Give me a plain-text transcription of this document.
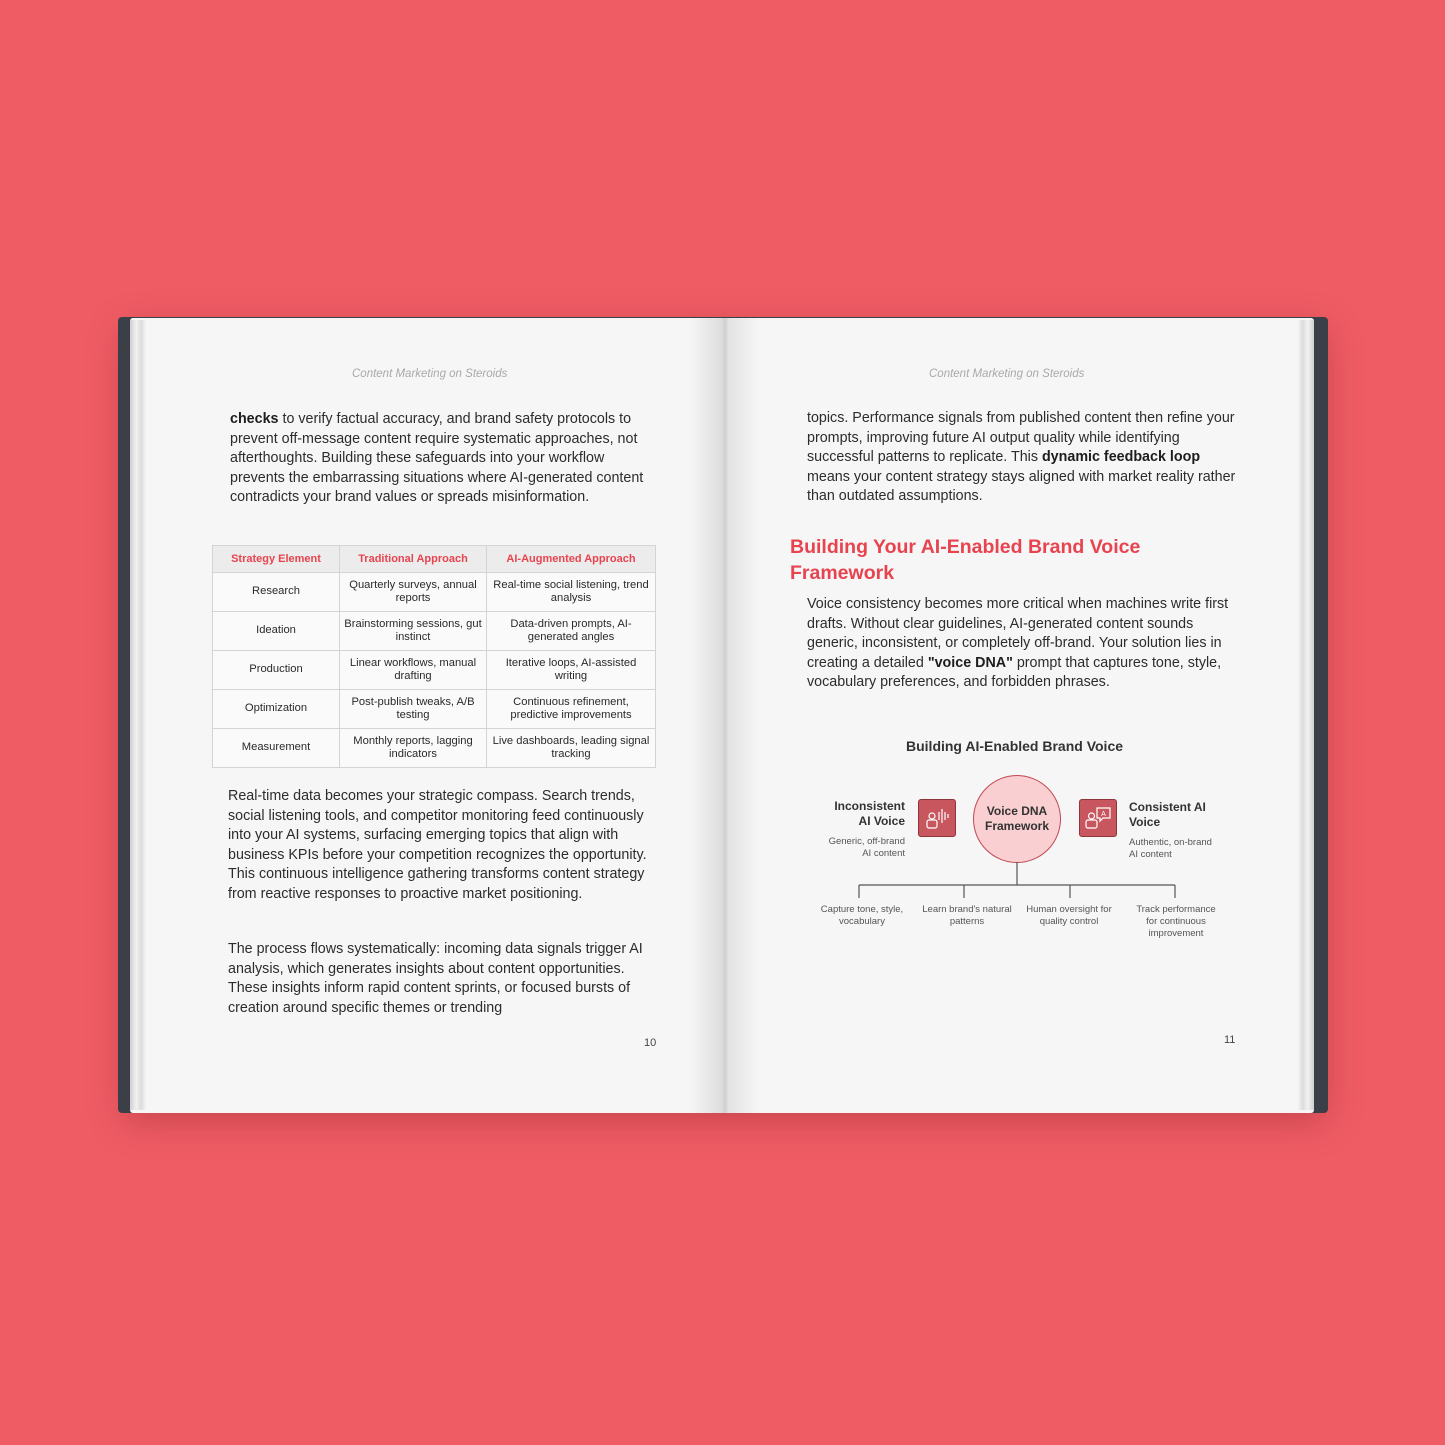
Content Marketing on Steroids

checks to verify factual accuracy, and brand safety protocols to prevent off-message content require systematic approaches, not afterthoughts. Building these safeguards into your workflow prevents the embarrassing situations where AI-generated content contradicts your brand values or spreads misinformation.

Strategy Element	Traditional Approach	AI-Augmented Approach
Research	Quarterly surveys, annual reports	Real-time social listening, trend analysis
Ideation	Brainstorming sessions, gut instinct	Data-driven prompts, AI-generated angles
Production	Linear workflows, manual drafting	Iterative loops, AI-assisted writing
Optimization	Post-publish tweaks, A/B testing	Continuous refinement, predictive improvements
Measurement	Monthly reports, lagging indicators	Live dashboards, leading signal tracking

Real-time data becomes your strategic compass. Search trends, social listening tools, and competitor monitoring feed continuously into your AI systems, surfacing emerging topics that align with business KPIs before your competition recognizes the opportunity. This continuous intelligence gathering transforms content strategy from reactive responses to proactive market positioning.

The process flows systematically: incoming data signals trigger AI analysis, which generates insights about content opportunities. These insights inform rapid content sprints, or focused bursts of creation around specific themes or trending

10
Content Marketing on Steroids

topics. Performance signals from published content then refine your prompts, improving future AI output quality while identifying successful patterns to replicate. This dynamic feedback loop means your content strategy stays aligned with market reality rather than outdated assumptions.

Building Your AI-Enabled Brand Voice Framework

Voice consistency becomes more critical when machines write first drafts. Without clear guidelines, AI-generated content sounds generic, inconsistent, or completely off-brand. Your solution lies in creating a detailed "voice DNA" prompt that captures tone, style, vocabulary preferences, and forbidden phrases.

Building AI-Enabled Brand Voice
Inconsistent AI Voice
Generic, off-brand AI content
Voice DNA Framework
A
Consistent AI Voice
Authentic, on-brand AI content
Capture tone, style, vocabulary
Learn brand's natural patterns
Human oversight for quality control
Track performance for continuous improvement
11
